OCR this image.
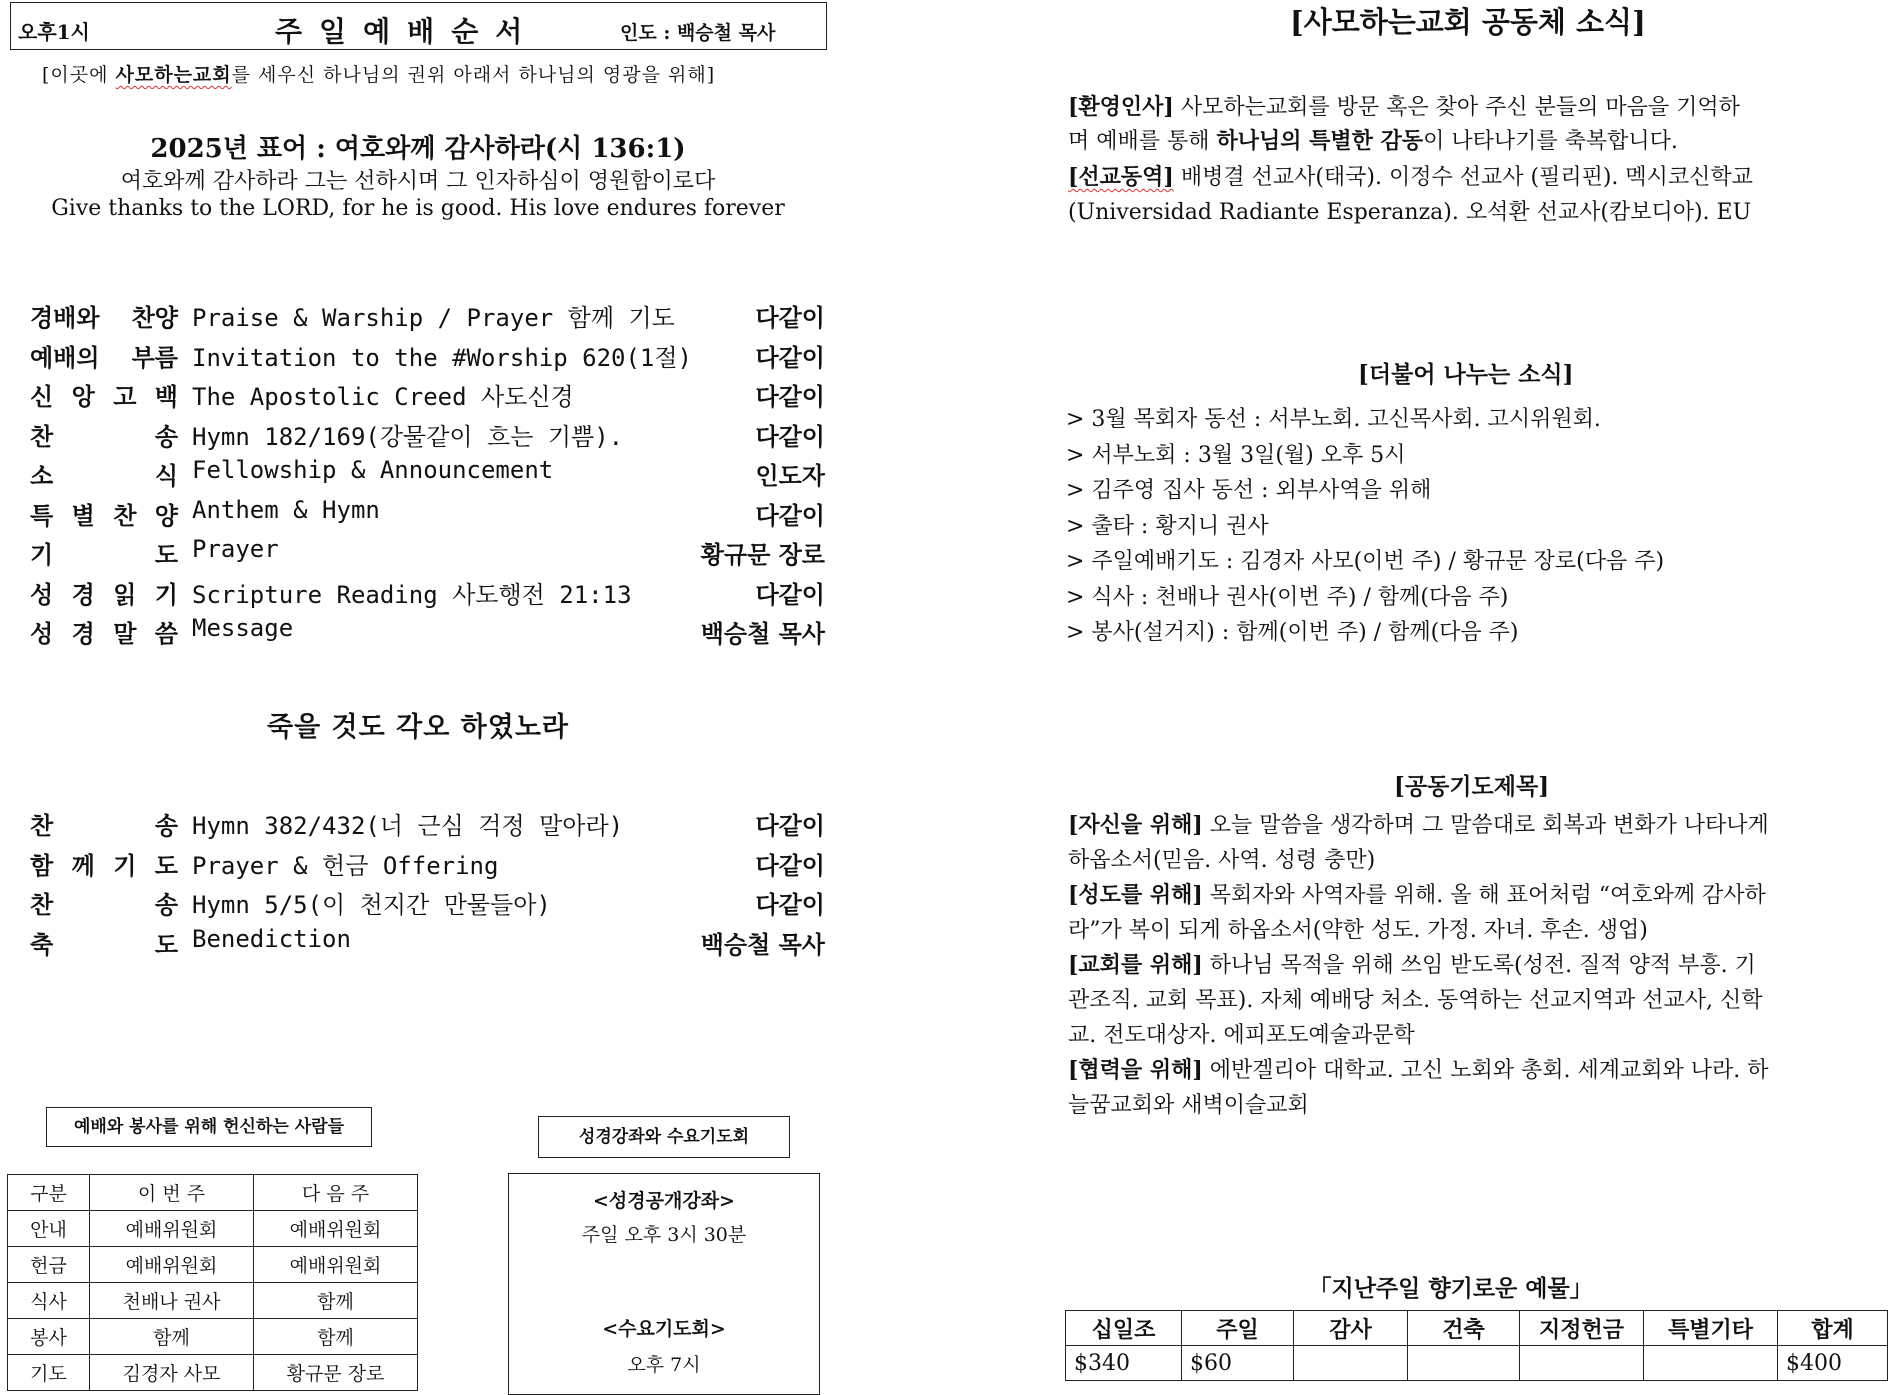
오후1시	주일예배순서	인도 : 백승철 목사
[이곳에 사모하는교회를 세우신 하나님의 권위 아래서 하나님의 영광을 위해]
2025년 표어 : 여호와께 감사하라(시 136:1)
여호와께 감사하라 그는 선하시며 그 인자하심이 영원함이로다
Give thanks to the LORD, for he is good. His love endures forever
경배와 찬양 Praise & Warship / Prayer 함께 기도	다같이
예배의 부름 Invitation to the #Worship 620(1절)	다같이
신 앙 고 백 The Apostolic Creed 사도신경	다같이
찬	송 Hymn 182/169(강물같이 흐는 기쁨).	다같이
소	식 Fellowship & Announcement	인도자
특 별 찬 양 Anthem & Hymn	다같이
기	도 Prayer	황규문 장로
성 경 읽 기 Scripture Reading 사도행전 21:13	다같이
성 경 말 씀 Message	백승철 목사
죽을 것도 각오 하였노라
찬	송 Hymn 382/432(너 근심 걱정 말아라)	다같이
함 께 기 도 Prayer & 헌금 Offering	다같이
찬	송 Hymn 5/5(이 천지간 만물들아)	다같이
축	도 Benediction	백승철 목사
예배와 봉사를 위해 헌신하는 사람들
구분	이 번 주	다 음 주
안내	예배위원회	예배위원회
헌금	예배위원회	예배위원회
식사	천배나 권사	함께
봉사	함께	함께
기도	김경자 사모	황규문 장로
성경강좌와 수요기도회
<성경공개강좌>
주일 오후 3시 30분
<수요기도회>
오후 7시
[사모하는교회 공동체 소식]
[환영인사] 사모하는교회를 방문 혹은 찾아 주신 분들의 마음을 기억하
며 예배를 통해 하나님의 특별한 감동이 나타나기를 축복합니다.
[선교동역] 배병결 선교사(태국). 이정수 선교사 (필리핀). 멕시코신학교
(Universidad Radiante Esperanza). 오석환 선교사(캄보디아). EU
[더불어 나누는 소식]
> 3월 목회자 동선 : 서부노회. 고신목사회. 고시위원회.
> 서부노회 : 3월 3일(월) 오후 5시
> 김주영 집사 동선 : 외부사역을 위해
> 출타 : 황지니 권사
> 주일예배기도 : 김경자 사모(이번 주) / 황규문 장로(다음 주)
> 식사 : 천배나 권사(이번 주) / 함께(다음 주)
> 봉사(설거지) : 함께(이번 주) / 함께(다음 주)
[공동기도제목]
[자신을 위해] 오늘 말씀을 생각하며 그 말씀대로 회복과 변화가 나타나게
하옵소서(믿음. 사역. 성령 충만)
[성도를 위해] 목회자와 사역자를 위해. 올 해 표어처럼 “여호와께 감사하
라”가 복이 되게 하옵소서(약한 성도. 가정. 자녀. 후손. 생업)
[교회를 위해] 하나님 목적을 위해 쓰임 받도록(성전. 질적 양적 부흥. 기
관조직. 교회 목표). 자체 예배당 처소. 동역하는 선교지역과 선교사, 신학
교. 전도대상자. 에피포도예술과문학
[협력을 위해] 에반겔리아 대학교. 고신 노회와 총회. 세계교회와 나라. 하
늘꿈교회와 새벽이슬교회
｢지난주일 향기로운 예물｣
십일조	주일	감사	건축	지정헌금	특별기타	합계
$340	$60					$400
